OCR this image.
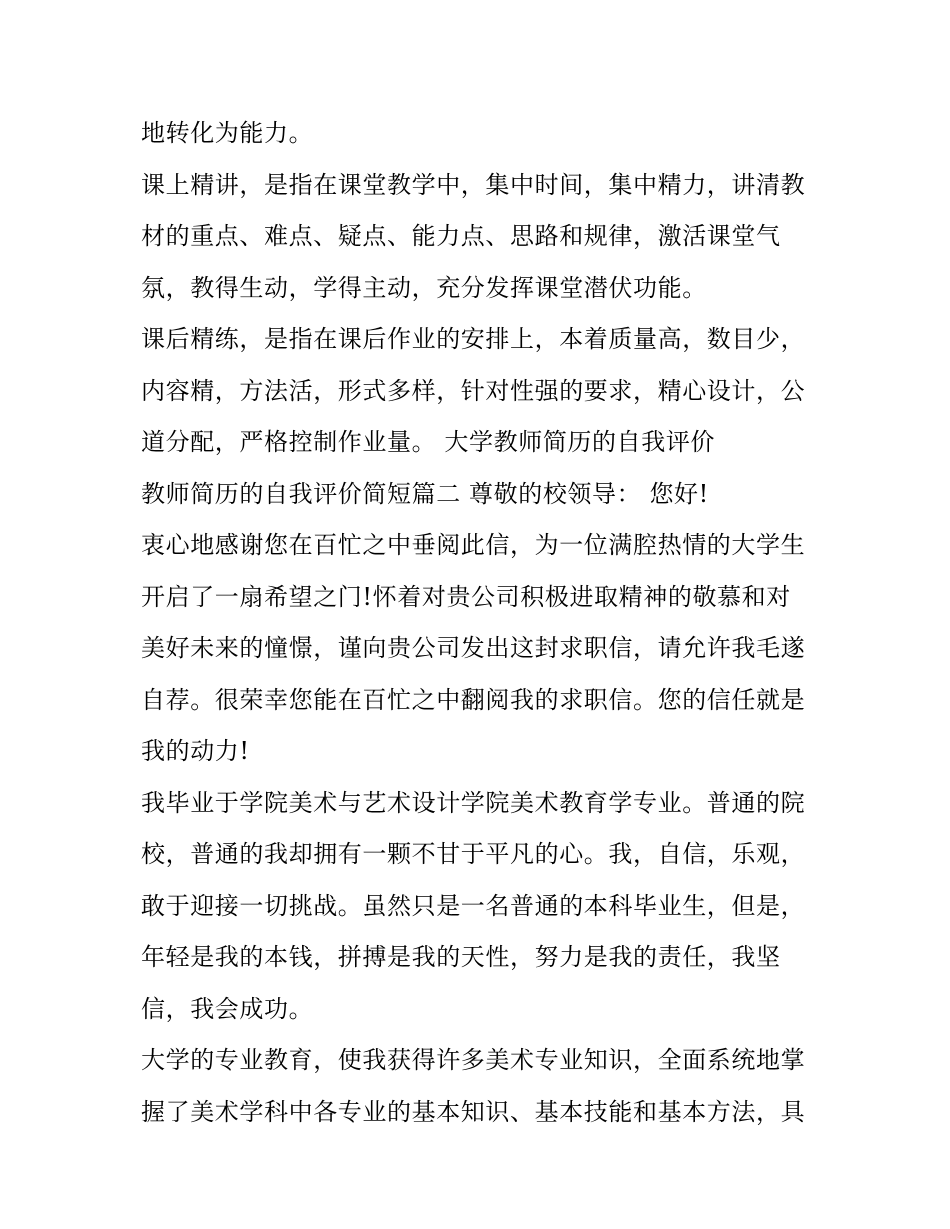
地转化为能力。
课上精讲，是指在课堂教学中，集中时间，集中精力，讲清教
材的重点、难点、疑点、能力点、思路和规律，激活课堂气
氛，教得生动，学得主动，充分发挥课堂潜伏功能。
课后精练，是指在课后作业的安排上，本着质量高，数目少，
内容精，方法活，形式多样，针对性强的要求，精心设计，公
道分配，严格控制作业量。 大学教师简历的自我评价
教师简历的自我评价简短篇二 尊敬的校领导： 您好!
衷心地感谢您在百忙之中垂阅此信，为一位满腔热情的大学生
开启了一扇希望之门!怀着对贵公司积极进取精神的敬慕和对
美好未来的憧憬，谨向贵公司发出这封求职信，请允许我毛遂
自荐。很荣幸您能在百忙之中翻阅我的求职信。您的信任就是
我的动力!
我毕业于学院美术与艺术设计学院美术教育学专业。普通的院
校，普通的我却拥有一颗不甘于平凡的心。我，自信，乐观，
敢于迎接一切挑战。虽然只是一名普通的本科毕业生，但是，
年轻是我的本钱，拼搏是我的天性，努力是我的责任，我坚
信，我会成功。
大学的专业教育，使我获得许多美术专业知识，全面系统地掌
握了美术学科中各专业的基本知识、基本技能和基本方法，具
